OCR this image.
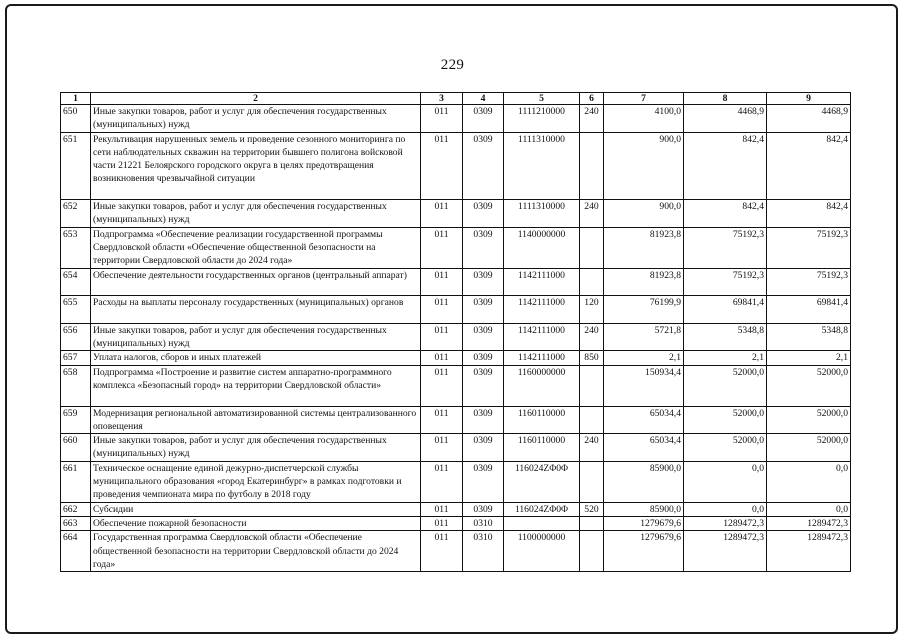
229
1	2	3	4	5	6	7	8	9
650	Иные закупки товаров, работ и услуг для обеспечения государственных (муниципальных) нужд	011	0309	1111210000	240	4100,0	4468,9	4468,9
651	Рекультивация нарушенных земель и проведение сезонного мониторинга по сети наблюдательных скважин на территории бывшего полигона войсковой части 21221 Белоярского городского округа в целях предотвращения возникновения чрезвычайной ситуации	011	0309	1111310000		900,0	842,4	842,4
652	Иные закупки товаров, работ и услуг для обеспечения государственных (муниципальных) нужд	011	0309	1111310000	240	900,0	842,4	842,4
653	Подпрограмма «Обеспечение реализации государственной программы Свердловской области «Обеспечение общественной безопасности на территории Свердловской области до 2024 года»	011	0309	1140000000		81923,8	75192,3	75192,3
654	Обеспечение деятельности государственных органов (центральный аппарат)	011	0309	1142111000		81923,8	75192,3	75192,3
655	Расходы на выплаты персоналу государственных (муниципальных) органов	011	0309	1142111000	120	76199,9	69841,4	69841,4
656	Иные закупки товаров, работ и услуг для обеспечения государственных (муниципальных) нужд	011	0309	1142111000	240	5721,8	5348,8	5348,8
657	Уплата налогов, сборов и иных платежей	011	0309	1142111000	850	2,1	2,1	2,1
658	Подпрограмма «Построение и развитие систем аппаратно-программного комплекса «Безопасный город» на территории Свердловской области»	011	0309	1160000000		150934,4	52000,0	52000,0
659	Модернизация региональной автоматизированной системы централизованного оповещения	011	0309	1160110000		65034,4	52000,0	52000,0
660	Иные закупки товаров, работ и услуг для обеспечения государственных (муниципальных) нужд	011	0309	1160110000	240	65034,4	52000,0	52000,0
661	Техническое оснащение единой дежурно-диспетчерской службы муниципального образования «город Екатеринбург» в рамках подготовки и проведения чемпионата мира по футболу в 2018 году	011	0309	116024ΖΦ0Φ		85900,0	0,0	0,0
662	Субсидии	011	0309	116024ΖΦ0Φ	520	85900,0	0,0	0,0
663	Обеспечение пожарной безопасности	011	0310			1279679,6	1289472,3	1289472,3
664	Государственная программа Свердловской области «Обеспечение общественной безопасности на территории Свердловской области до 2024 года»	011	0310	1100000000		1279679,6	1289472,3	1289472,3
